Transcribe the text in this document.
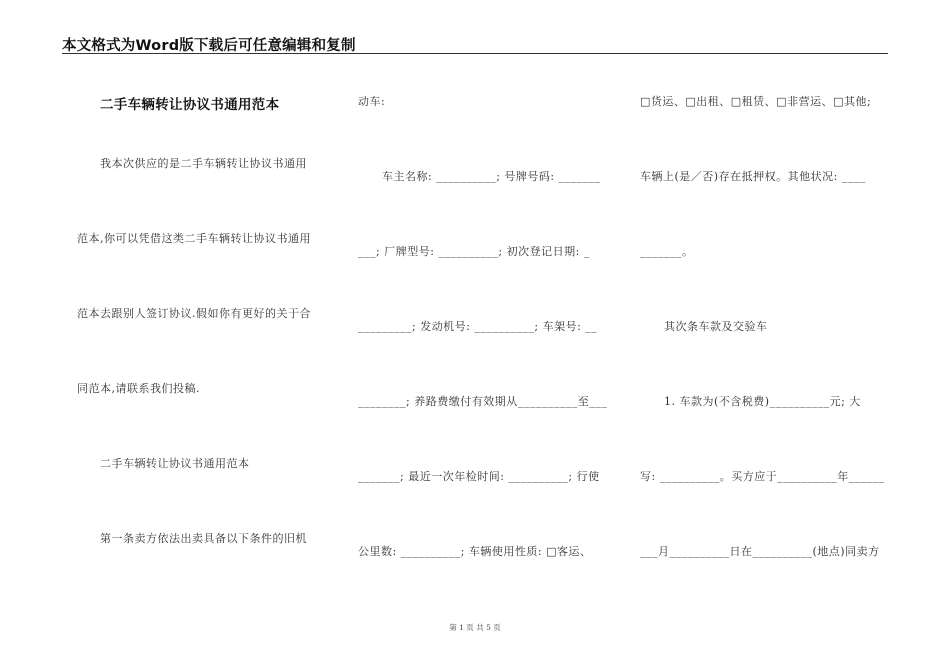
本文格式为Word版下载后可任意编辑和复制
二手车辆转让协议书通用范本
我本次供应的是二手车辆转让协议书通用
范本,你可以凭借这类二手车辆转让协议书通用
范本去跟别人签订协议.假如你有更好的关于合
同范本,请联系我们投稿.
二手车辆转让协议书通用范本
第一条卖方依法出卖具备以下条件的旧机
动车:
车主名称: __________; 号牌号码: _______
___; 厂牌型号: __________; 初次登记日期: _
_________; 发动机号: __________; 车架号: __
________; 养路费缴付有效期从__________至___
_______; 最近一次年检时间: __________; 行使
公里数: __________; 车辆使用性质: □客运、
□货运、□出租、□租赁、□非营运、□其他;
车辆上(是／否)存在抵押权。其他状况: ____
_______。
其次条车款及交验车
1. 车款为(不含税费)__________元; 大
写: __________。买方应于__________年______
___月__________日在__________(地点)同卖方
第 1 页 共 5 页
